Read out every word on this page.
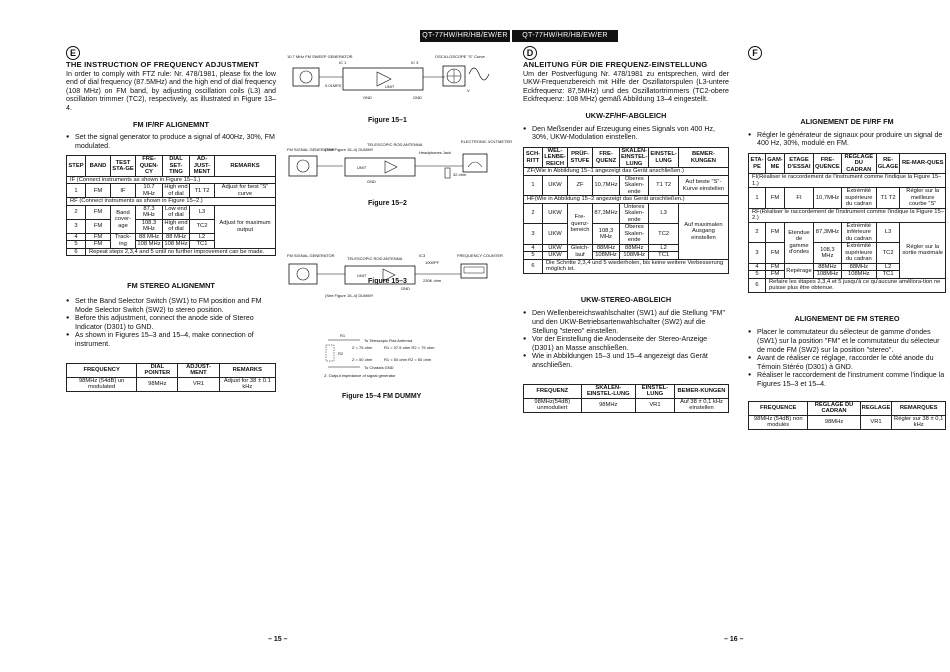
QT-77HW/HR/HB/EW/ER	QT-77HW/HR/HB/EW/ER
E

THE INSTRUCTION OF FREQUENCY ADJUSTMENT

In order to comply with FTZ rule: Nr. 478/1981, please fix the low end of dial frequency (87.5MHz) and the high end of dial frequency (108 MHz) on FM band, by adjusting oscillation coils (L3) and oscillation trimmer (TC2), respectively, as illustrated in Figure 13–4.

FM IF/RF ALIGNEMNT

● Set the signal generator to produce a signal of 400Hz, 30%, FM modulated.
STEP	BAND	TEST STA-GE	FRE-QUEN-CY	DIAL SET-TING	AD-JUST-MENT	REMARKS
IF (Connect instruments as shown in Figure 15–1.)						
1	FM	IF	10.7 MHz	High end of dial	T1 T2	Adjust for best "S" curve
RF (Connect instruments as shown in Figure 15–2.)						
2	FM	Band cover-age	87.3 MHz	Low end of dial	L3	Adjust for maximum output
3	FM		108.3 MHz	High end of dial	TC2	
4	FM	Track-ing	88 MHz	88 MHz	L2	
5	FM		108 MHz	108 MHz	TC1	
6	Repeat steps 2,3,4 and 5 until no further improvement can be made.					

FM STEREO ALIGNEMNT

● Set the Band Selector Switch (SW1) to FM position and FM Mode Selector Switch (SW2) to stereo position.
● Before this adjustment, connect the anode side of Stereo Indicator (D301) to GND.
● As shown in Figures 15–3 and 15–4, make connection of instrument.
FREQUENCY	DIAL POINTER	ADJUST-MENT	REMARKS
98MHz (54dB) un modulated	98MHz	VR1	Adjust for 38 ± 0.1 kHz
10.7 MHz FM SWEEP GENERATOR
IC 1
0.01MFD	UNIT
IC 3
GND	GND
OSCILLOSCOPE "S" Curve
V
Figure 15–1
FM SIGNAL GENERATOR
(See Figure 15–4) DUMMY
TELESCOPIC ROD ANTENNA
UNIT
GND
Headphones Jack
32 ohm
ELECTRONIC VOLTMETER
Figure 15–2
FM SIGNAL GENERATOR
TELESCOPIC ROD ANTENNA
UNIT
GND
(See Figure 15–4) DUMMY
IC3
1000PF
230K ohm
FREQUENCY COUNTER
Figure 15–3
R1
To Telescopic Rod Antenna
R2
Z = 75 ohm	R1 = 37.5 ohm R2 = 75 ohm
Z = 50 ohm	R1 = 50 ohm R2 = 50 ohm
To Chassis GND
Z: Output impedance of signal generator
Figure 15–4 FM DUMMY
D

ANLEITUNG FÜR DIE FREQUENZ-EINSTELLUNG

Um der Postverfügung Nr. 478/1981 zu entsprechen, wird der UKW-Frequenzbereich mit Hilfe der Oszillatorspulen (L3-untere Eckfrequenz: 87,5MHz) und des Oszillatortrimmers (TC2-obere Eckfrequenz: 108 MHz) gemäß Abbildung 13–4 eingestellt.

UKW-ZF/HF-ABGLEICH

● Den Meßsender auf Erzeugung eines Signals von 400 Hz, 30%, UKW-Modulation einstellen.
SCH-RITT	WEL-LENBE-REICH	PRÜF-STUFE	FRE-QUENZ	SKALEN-EINSTEL-LUNG	EINSTEL-LUNG	BEMER-KUNGEN
ZF(Wie in Abbildung 15–1 angezeigt das Gerät anschließen.)						
1	UKW	ZF	10,7MHz	Oberes Skalen-ende	T1 T2	Auf beste "S"-Kurve einstellen
HF(Wie in Abbildung 15–2 angezeigt das Gerät anschließen.)						
2	UKW	Fre-quenz-bereich	87,3MHz	Unteres Skalen-ende	L3	Auf maximalen Ausgang einstellen
3	UKW		108,3 MHz	Oberes Skalen-ende	TC2	
4	UKW	Gleich-lauf	88MHz	88MHz	L2	
5	UKW		108MHz	108MHz	TC1	
6	Die Schritte 2,3,4 und 5 wiederholen, bis keine weitere Verbesserung möglich ist.					

UKW-STEREO-ABGLEICH

● Den Wellenbereichswahlschalter (SW1) auf die Stellung "FM" und den UKW-Betriebsartenwahlschalter (SW2) auf die Stellung "stereo" einstellen.
● Vor der Einstellung die Anodenseite der Stereo-Anzeige (D301) an Masse anschließen.
● Wie in Abbildungen 15–3 und 15–4 angezeigt das Gerät anschließen.
FREQUENZ	SKALEN-EINSTEL-LUNG	EINSTEL-LUNG	BEMER-KUNGEN
98MHz(54dB) unmoduliert	98MHz	VR1	Auf 38 ± 0,1 kHz einstellen
F

ALIGNEMENT DE FI/RF FM

● Régler le générateur de signaux pour produire un signal de 400 Hz, 30%, modulé en FM.
ETA-PE	GAM-ME	ETAGE D'ESSAI	FRE-QUENCE	REGLAGE DU CADRAN	RE-GLAGE	RE-MAR-QUES
FI(Réaliser le raccordement de l'instrument comme l'indique la Figure 15–1.)						
1	FM	FI	10,7MHz	Extrémité supérieure du cadran	T1 T2	Régler sur la meilleure courbe "S"
RF(Réaliser le raccordement de l'instrument comme l'indique la Figure 15–2.)						
2	FM	Etendue de gamme d'ondes	87,3MHz	Extrémité inférieure du cadran	L3	Régler sur la sortie maximale
3	FM		108,3 MHz	Extrémité supérieure du cadran	TC2	
4	FM	Repérage	88MHz	88MHz	L2	
5	FM		108MHz	108MHz	TC1	
6	Refaire les étapes 2,3,4 et 5 jusqu'à ce qu'aucune améliora-tion ne puisse plus être obtenue.					

ALIGNEMENT DE FM STEREO

● Placer le commutateur du sélecteur de gamme d'ondes (SW1) sur la position "FM" et le commutateur du sélecteur de mode FM (SW2) sur la position "stereo".
● Avant de réaliser ce réglage, raccorder le côté anode du Témoin Stéréo (D301) à GND.
● Réaliser le raccordement de l'instrument comme l'indique la Figures 15–3 et 15–4.
FREQUENCE	REGLAGE DU CADRAN	REGLAGE	REMARQUES
98MHz (54dB) non modulés	98MHz	VR1	Régler sur 38 ± 0,1 kHz
– 15 –	– 16 –
